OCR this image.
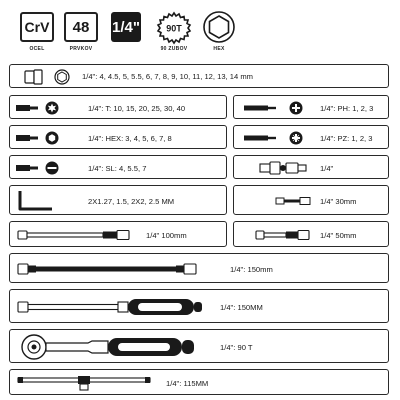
CrV
OCEL
48
PRVKOV
1/4"	90T
90 ZUBOV	HEX
1/4": 4, 4.5, 5, 5.5, 6, 7, 8, 9, 10, 11, 12, 13, 14 mm
1/4": T: 10, 15, 20, 25, 30, 40	1/4": PH: 1, 2, 3
1/4": HEX: 3, 4, 5, 6, 7, 8	1/4": PZ: 1, 2, 3
1/4": SL: 4, 5.5, 7	1/4"
2X1.27, 1.5, 2X2, 2.5 MM	1/4" 30mm
1/4" 100mm	1/4" 50mm
1/4": 150mm
1/4": 150MM
1/4": 90 T
1/4": 115MM
